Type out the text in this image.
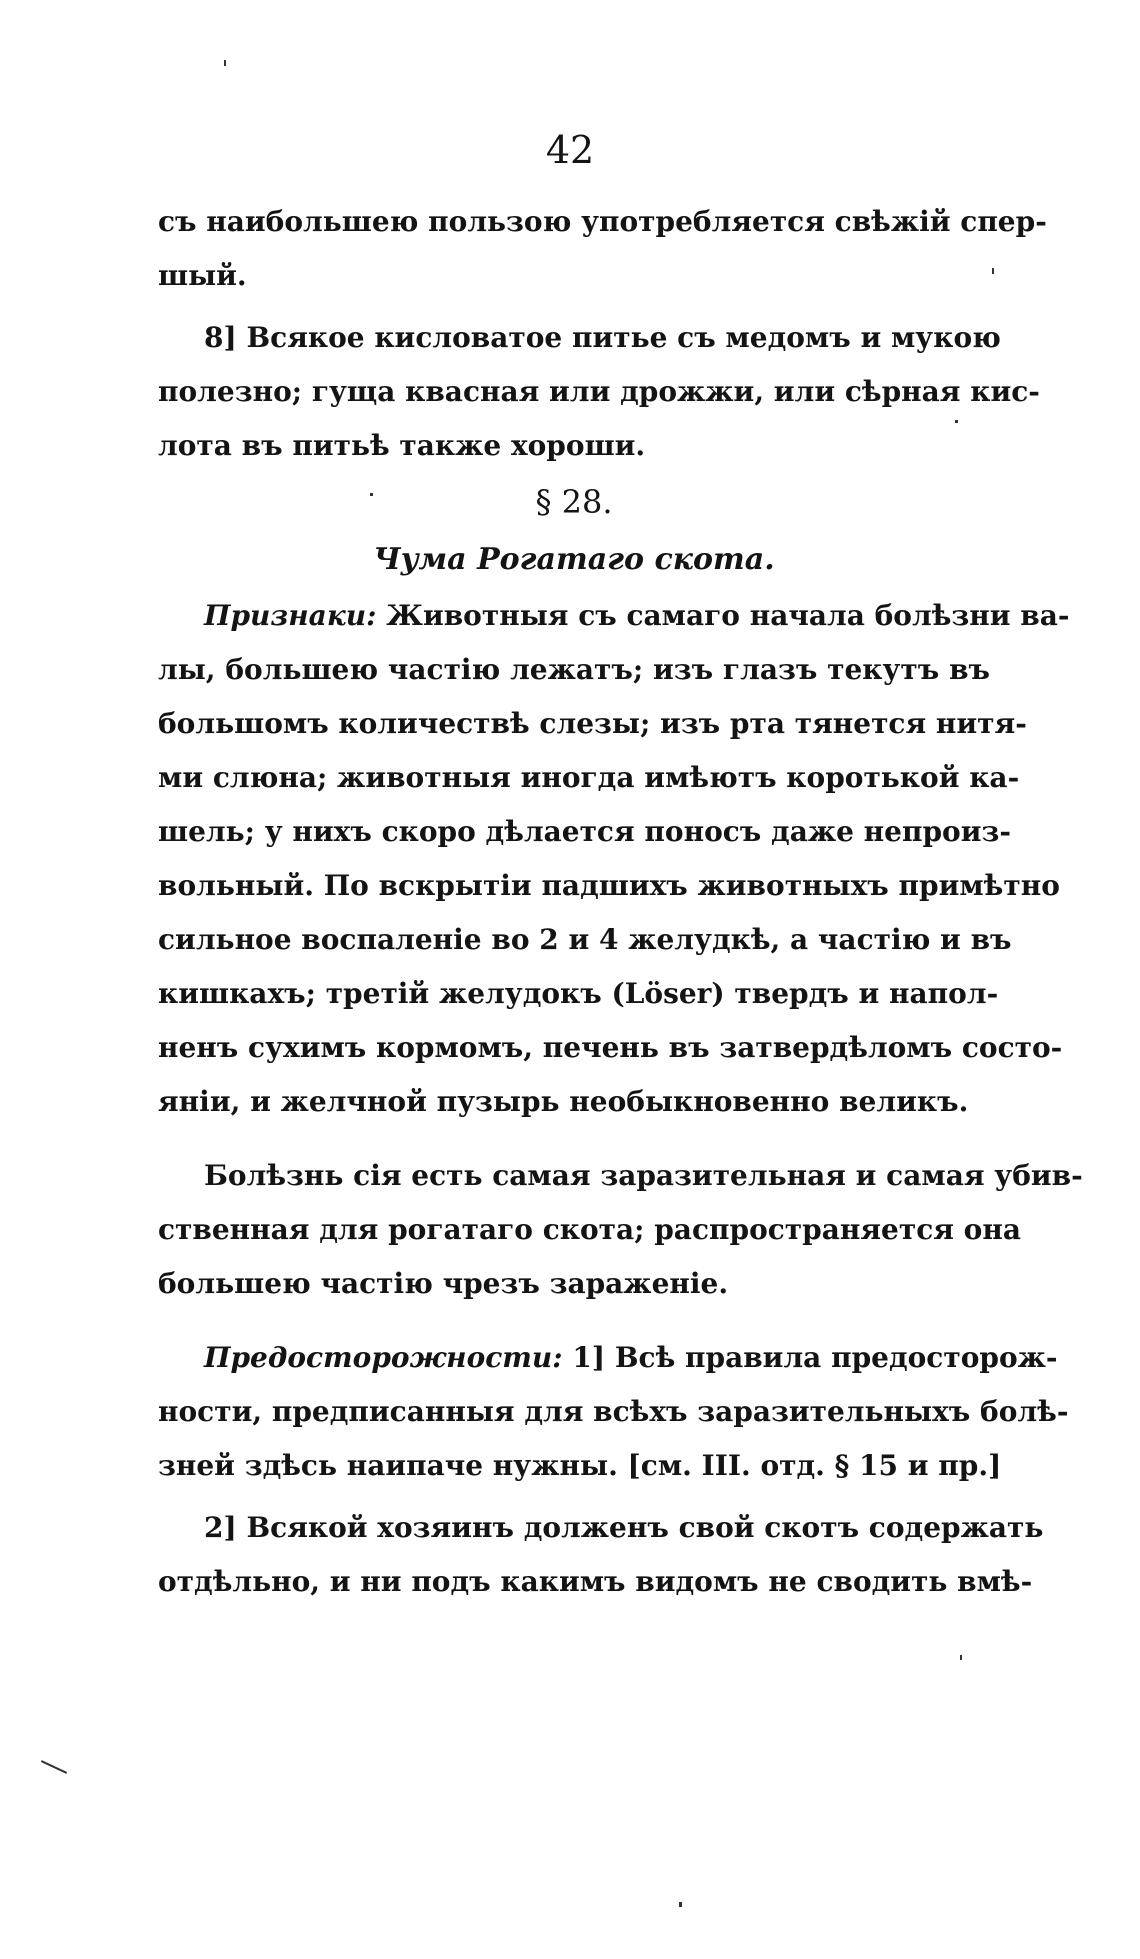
42
съ наибольшею пользою употребляется свѣжій спер-
шый.
8] Всякое кисловатое питье съ медомъ и мукою
полезно; гуща квасная или дрожжи, или сѣрная кис-
лота въ питьѣ также хороши.
§ 28.
Чума Рогатаго скота.
Признаки: Животныя съ самаго начала болѣзни ва-
лы, большею частію лежатъ; изъ глазъ текутъ въ
большомъ количествѣ слезы; изъ рта тянется нитя-
ми слюна; животныя иногда имѣютъ коротькой ка-
шель; у нихъ скоро дѣлается поносъ даже непроиз-
вольный. По вскрытіи падшихъ животныхъ примѣтно
сильное воспаленіе во 2 и 4 желудкѣ, а частію и въ
кишкахъ; третій желудокъ (Löser) твердъ и напол-
ненъ сухимъ кормомъ, печень въ затвердѣломъ состо-
яніи, и желчной пузырь необыкновенно великъ.
Болѣзнь сія есть самая заразительная и самая убив-
ственная для рогатаго скота; распространяется она
большею частію чрезъ зараженіе.
Предосторожности: 1] Всѣ правила предосторож-
ности, предписанныя для всѣхъ заразительныхъ болѣ-
зней здѣсь наипаче нужны. [см. III. отд. § 15 и пр.]
2] Всякой хозяинъ долженъ свой скотъ содержать
отдѣльно, и ни подъ какимъ видомъ не сводить вмѣ-
